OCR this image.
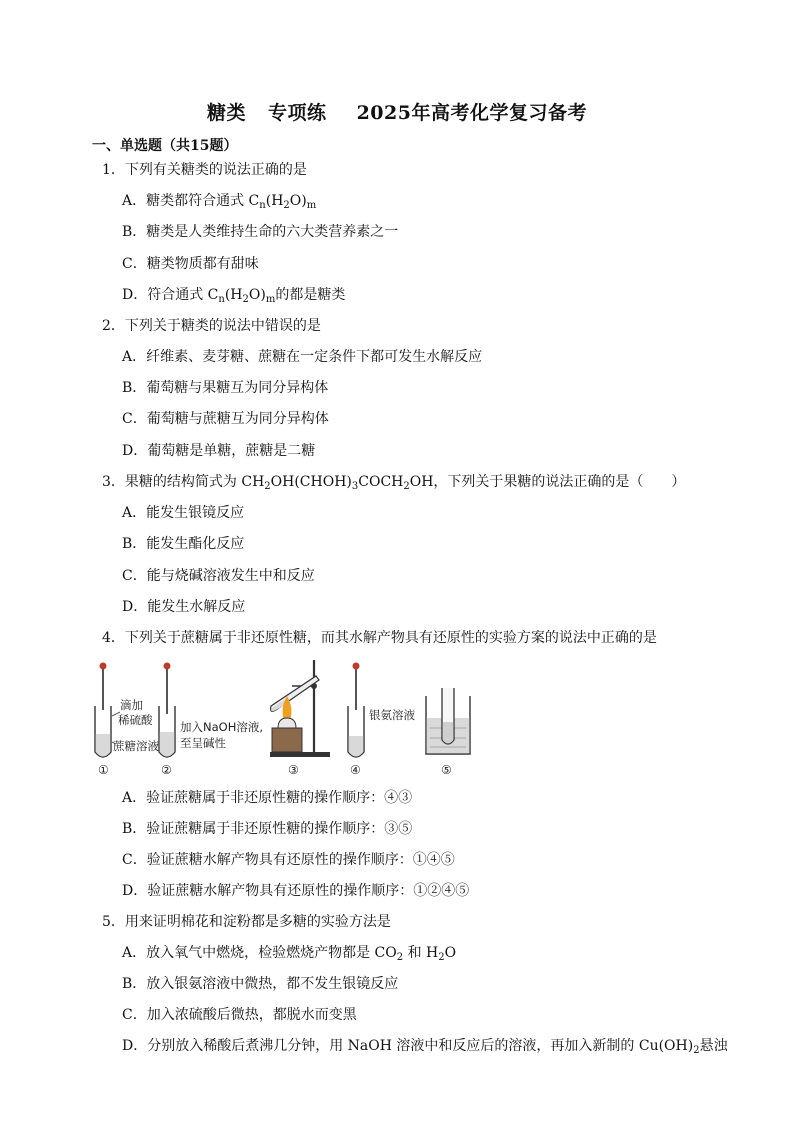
糖类 专项练 2025年高考化学复习备考
一、单选题（共15题）
1．下列有关糖类的说法正确的是
A．糖类都符合通式 $C_n(H_2O)_m$
B．糖类是人类维持生命的六大类营养素之一
C．糖类物质都有甜味
D．符合通式 $C_n(H_2O)_m$的都是糖类
2．下列关于糖类的说法中错误的是
A．纤维素、麦芽糖、蔗糖在一定条件下都可发生水解反应
B．葡萄糖与果糖互为同分异构体
C．葡萄糖与蔗糖互为同分异构体
D．葡萄糖是单糖，蔗糖是二糖
3．果糖的结构简式为 $CH_2OH(CHOH)_3COCH_2OH$，下列关于果糖的说法正确的是（　　）
A．能发生银镜反应
B．能发生酯化反应
C．能与烧碱溶液发生中和反应
D．能发生水解反应
4．下列关于蔗糖属于非还原性糖，而其水解产物具有还原性的实验方案的说法中正确的是
滴加
稀硫酸
蔗糖溶液
①
加入NaOH溶液,
至呈碱性
②	③
银氨溶液
④	⑤
A．验证蔗糖属于非还原性糖的操作顺序：④③
B．验证蔗糖属于非还原性糖的操作顺序：③⑤
C．验证蔗糖水解产物具有还原性的操作顺序：①④⑤
D．验证蔗糖水解产物具有还原性的操作顺序：①②④⑤
5．用来证明棉花和淀粉都是多糖的实验方法是
A．放入氧气中燃烧，检验燃烧产物都是 $CO_2$ 和 $H_2O$
B．放入银氨溶液中微热，都不发生银镜反应
C．加入浓硫酸后微热，都脱水而变黑
D．分别放入稀酸后煮沸几分钟，用 NaOH 溶液中和反应后的溶液，再加入新制的 $Cu(OH)_2$悬浊
